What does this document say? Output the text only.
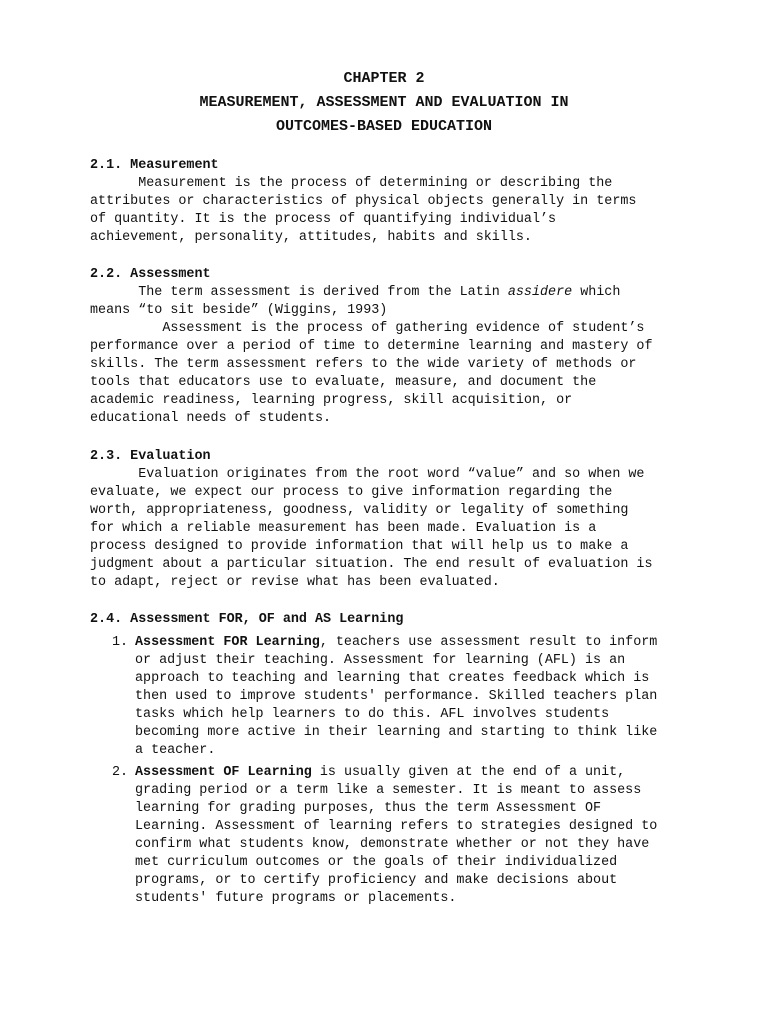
CHAPTER 2
MEASUREMENT, ASSESSMENT AND EVALUATION IN
OUTCOMES-BASED EDUCATION

2.1. Measurement

Measurement is the process of determining or describing the

attributes or characteristics of physical objects generally in terms

of quantity. It is the process of quantifying individual’s

achievement, personality, attitudes, habits and skills.

2.2. Assessment

The term assessment is derived from the Latin assidere which

means “to sit beside” (Wiggins, 1993)

Assessment is the process of gathering evidence of student’s

performance over a period of time to determine learning and mastery of

skills. The term assessment refers to the wide variety of methods or

tools that educators use to evaluate, measure, and document the

academic readiness, learning progress, skill acquisition, or

educational needs of students.

2.3. Evaluation

Evaluation originates from the root word “value” and so when we

evaluate, we expect our process to give information regarding the

worth, appropriateness, goodness, validity or legality of something

for which a reliable measurement has been made. Evaluation is a

process designed to provide information that will help us to make a

judgment about a particular situation. The end result of evaluation is

to adapt, reject or revise what has been evaluated.

2.4. Assessment FOR, OF and AS Learning

1. Assessment FOR Learning, teachers use assessment result to inform
or adjust their teaching. Assessment for learning (AFL) is an
approach to teaching and learning that creates feedback which is
then used to improve students' performance. Skilled teachers plan
tasks which help learners to do this. AFL involves students
becoming more active in their learning and starting to think like
a teacher.
2. Assessment OF Learning is usually given at the end of a unit,
grading period or a term like a semester. It is meant to assess
learning for grading purposes, thus the term Assessment OF
Learning. Assessment of learning refers to strategies designed to
confirm what students know, demonstrate whether or not they have
met curriculum outcomes or the goals of their individualized
programs, or to certify proficiency and make decisions about
students' future programs or placements.
